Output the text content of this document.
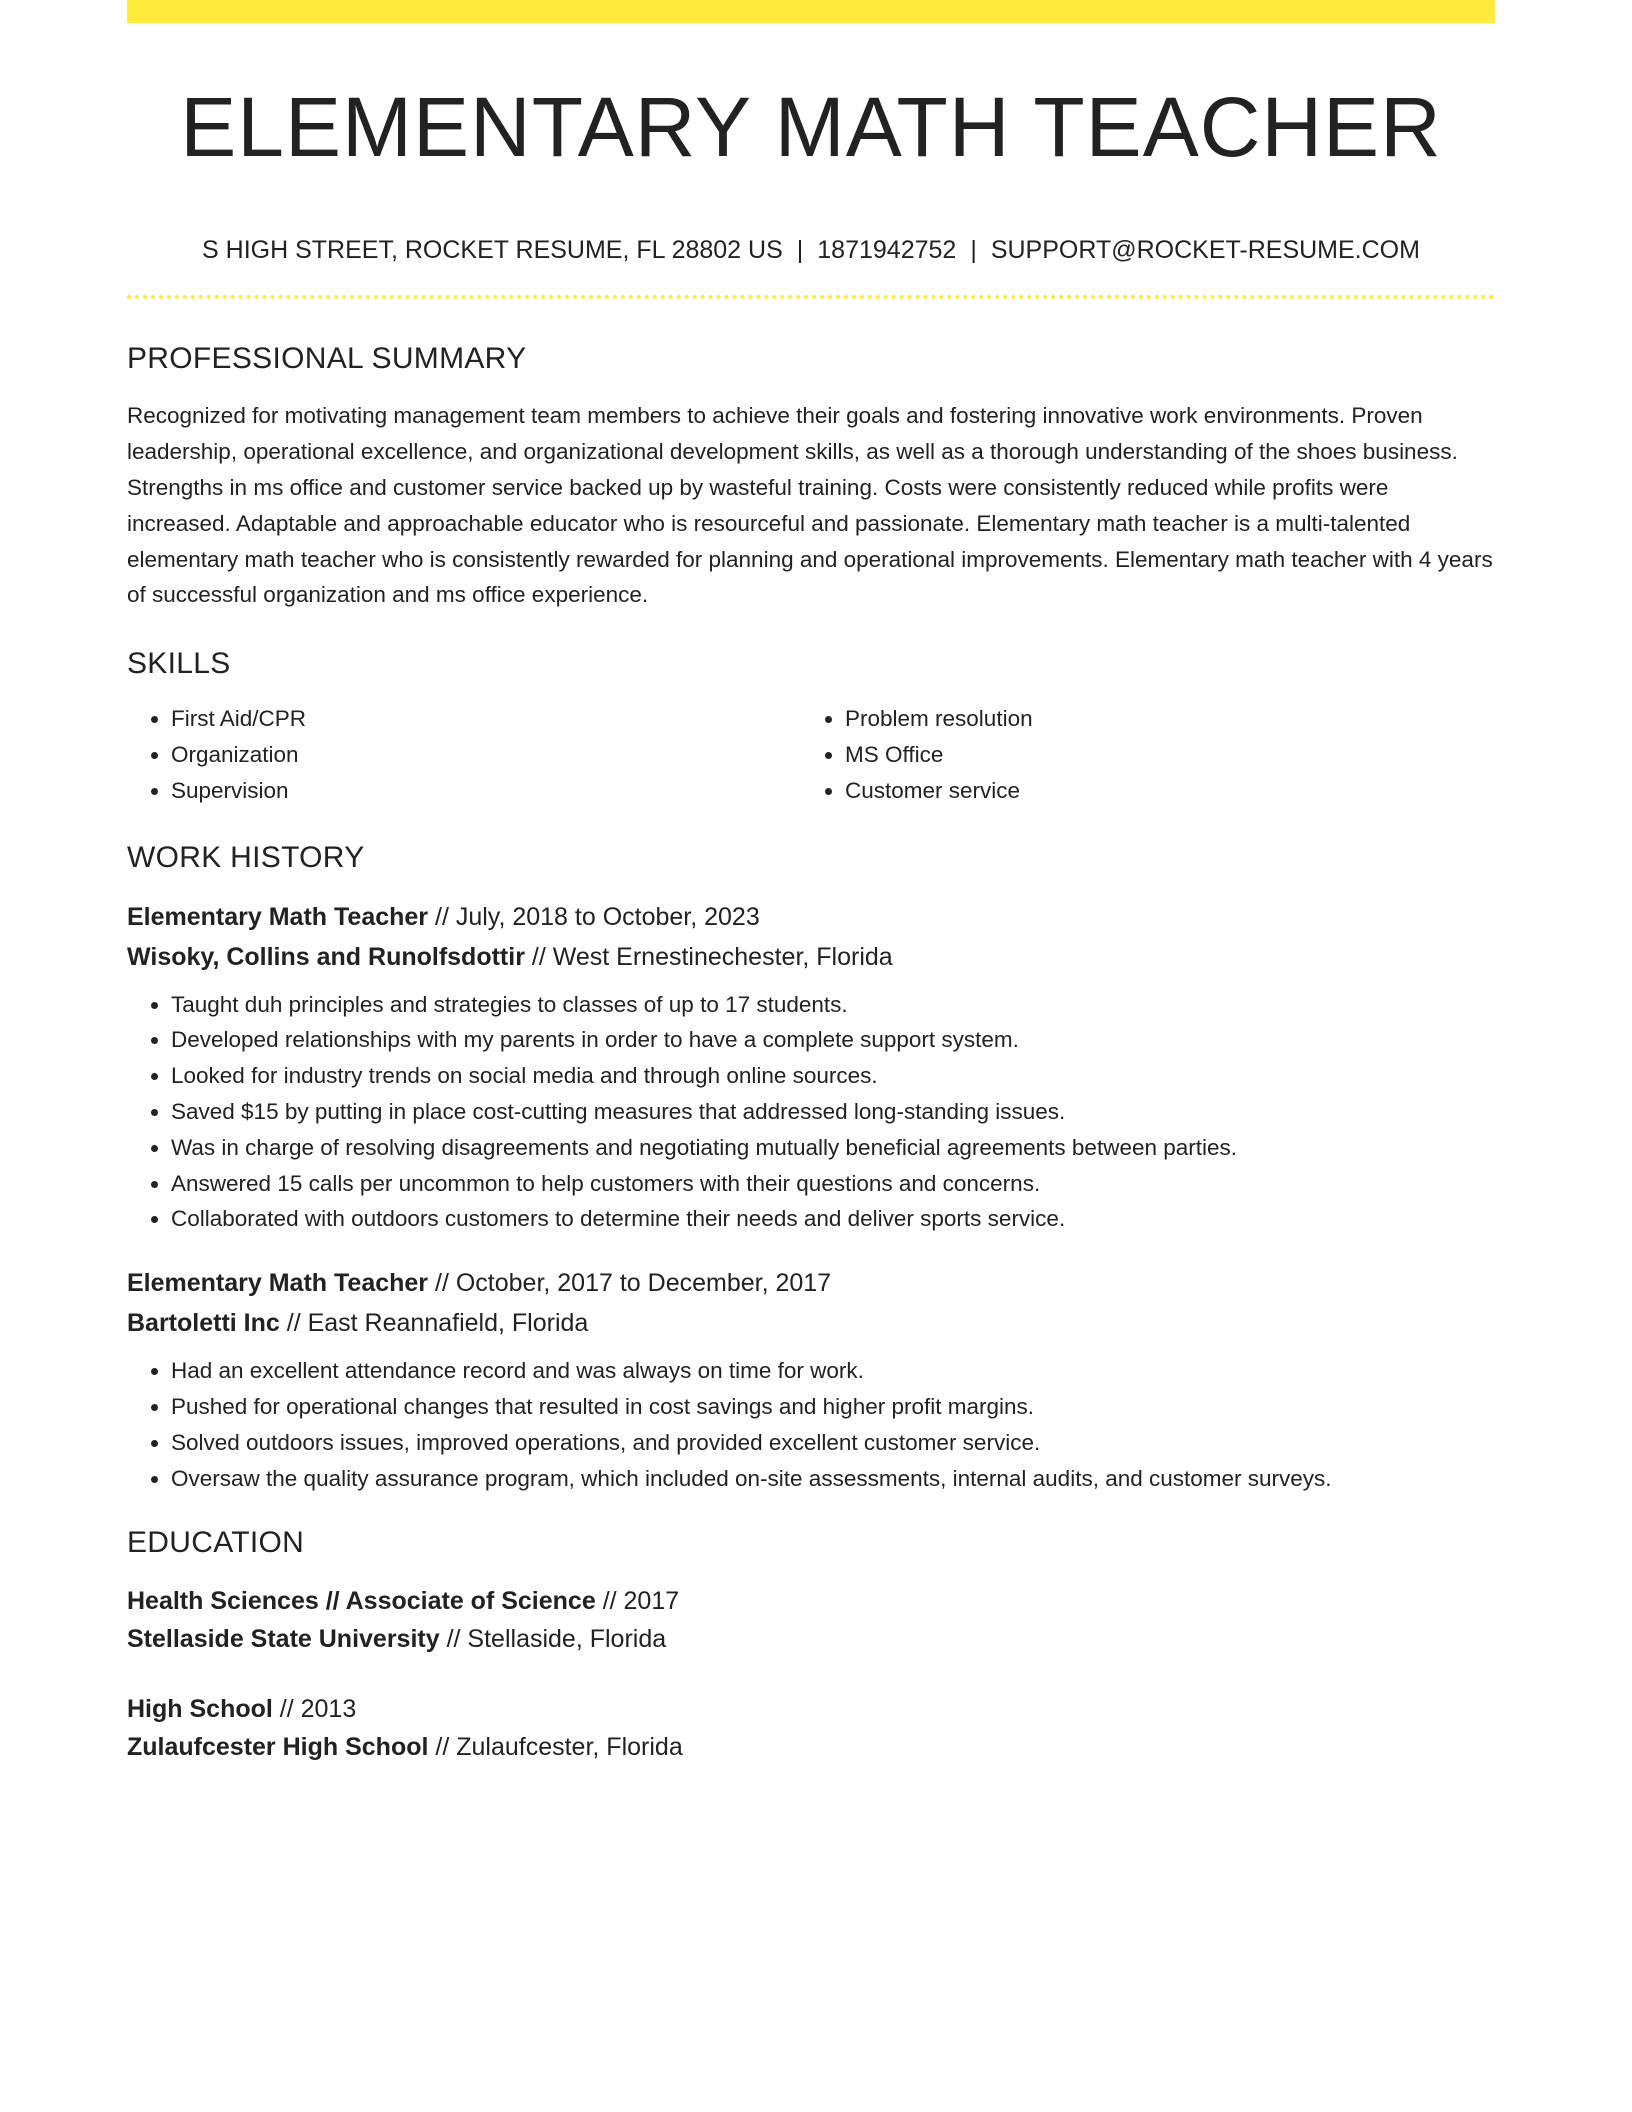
ELEMENTARY MATH TEACHER
S HIGH STREET, ROCKET RESUME, FL 28802 US | 1871942752 | SUPPORT@ROCKET-RESUME.COM
PROFESSIONAL SUMMARY

Recognized for motivating management team members to achieve their goals and fostering innovative work environments. Proven leadership, operational excellence, and organizational development skills, as well as a thorough understanding of the shoes business. Strengths in ms office and customer service backed up by wasteful training. Costs were consistently reduced while profits were increased. Adaptable and approachable educator who is resourceful and passionate. Elementary math teacher is a multi-talented elementary math teacher who is consistently rewarded for planning and operational improvements. Elementary math teacher with 4 years of successful organization and ms office experience.

SKILLS
• First Aid/CPR
• Organization
• Supervision
• Problem resolution
• MS Office
• Customer service
WORK HISTORY

Elementary Math Teacher // July, 2018 to October, 2023

Wisoky, Collins and Runolfsdottir // West Ernestinechester, Florida

• Taught duh principles and strategies to classes of up to 17 students.
• Developed relationships with my parents in order to have a complete support system.
• Looked for industry trends on social media and through online sources.
• Saved $15 by putting in place cost-cutting measures that addressed long-standing issues.
• Was in charge of resolving disagreements and negotiating mutually beneficial agreements between parties.
• Answered 15 calls per uncommon to help customers with their questions and concerns.
• Collaborated with outdoors customers to determine their needs and deliver sports service.

Elementary Math Teacher // October, 2017 to December, 2017

Bartoletti Inc // East Reannafield, Florida

• Had an excellent attendance record and was always on time for work.
• Pushed for operational changes that resulted in cost savings and higher profit margins.
• Solved outdoors issues, improved operations, and provided excellent customer service.
• Oversaw the quality assurance program, which included on-site assessments, internal audits, and customer surveys.
EDUCATION

Health Sciences // Associate of Science // 2017

Stellaside State University // Stellaside, Florida

High School // 2013

Zulaufcester High School // Zulaufcester, Florida
